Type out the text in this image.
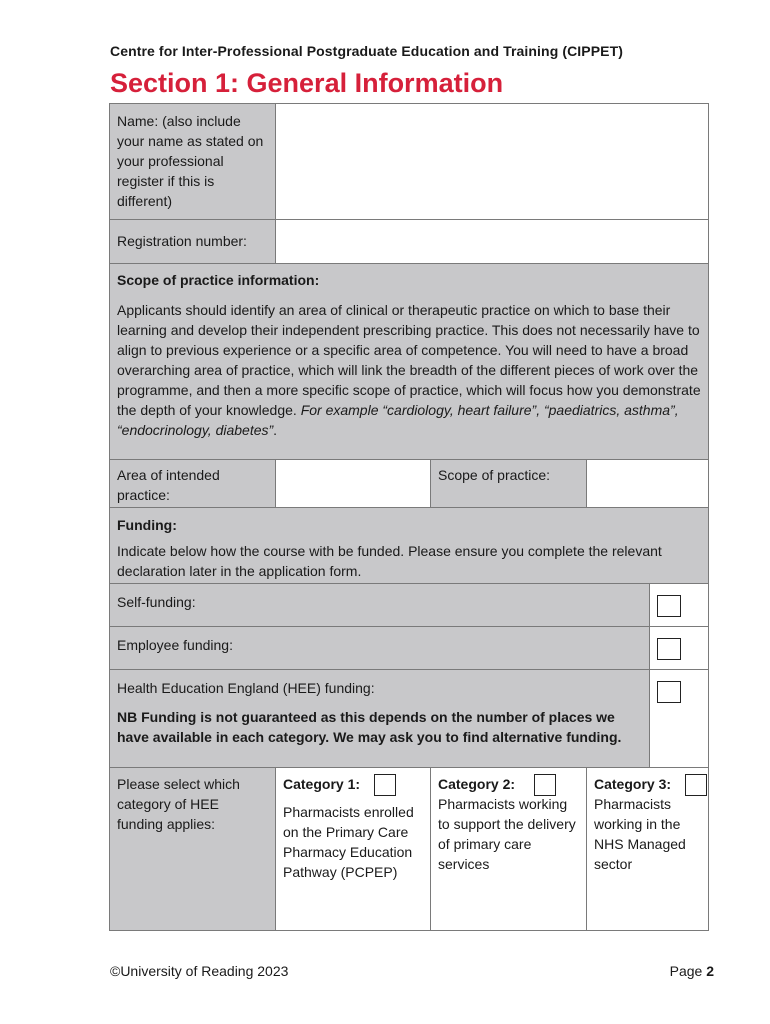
Centre for Inter-Professional Postgraduate Education and Training (CIPPET)
Section 1: General Information
Name: (also include your name as stated on your professional register if this is different)
Registration number:

Scope of practice information:

Applicants should identify an area of clinical or therapeutic practice on which to base their learning and develop their independent prescribing practice. This does not necessarily have to align to previous experience or a specific area of competence. You will need to have a broad overarching area of practice, which will link the breadth of the different pieces of work over the programme, and then a more specific scope of practice, which will focus how you demonstrate the depth of your knowledge. For example “cardiology, heart failure”, “paediatrics, asthma”, “endocrinology, diabetes”.

Area of intended practice:
Scope of practice:

Funding:

Indicate below how the course with be funded. Please ensure you complete the relevant declaration later in the application form.

Self-funding:
Employee funding:

Health Education England (HEE) funding:

NB Funding is not guaranteed as this depends on the number of places we have available in each category. We may ask you to find alternative funding.

Please select which category of HEE funding applies:
Category 1:
Pharmacists enrolled on the Primary Care Pharmacy Education Pathway (PCPEP)
Category 2:
Pharmacists working to support the delivery of primary care services
Category 3:
Pharmacists working in the NHS Managed sector
©University of Reading 2023	Page 2
